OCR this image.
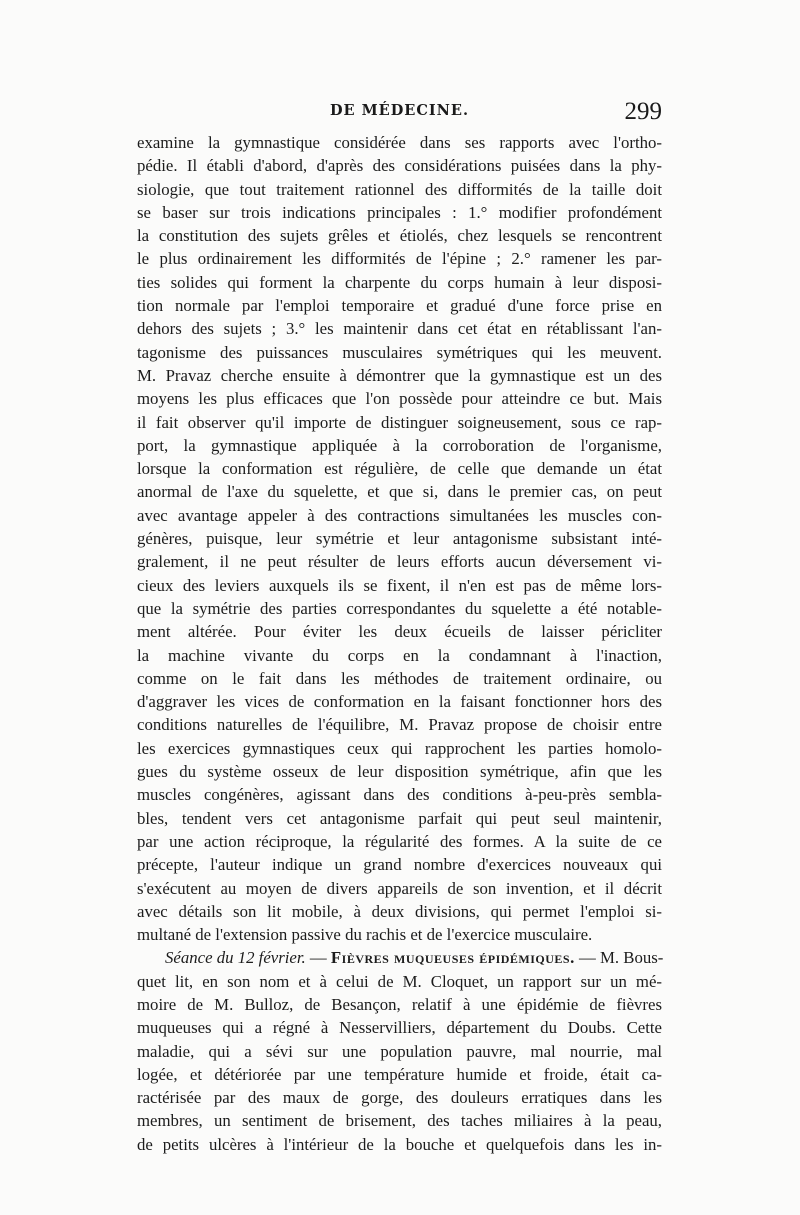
DE MÉDECINE.	299
examine la gymnastique considérée dans ses rapports avec l'ortho-
pédie. Il établi d'abord, d'après des considérations puisées dans la phy-
siologie, que tout traitement rationnel des difformités de la taille doit
se baser sur trois indications principales : 1.° modifier profondément
la constitution des sujets grêles et étiolés, chez lesquels se rencontrent
le plus ordinairement les difformités de l'épine ; 2.° ramener les par-
ties solides qui forment la charpente du corps humain à leur disposi-
tion normale par l'emploi temporaire et gradué d'une force prise en
dehors des sujets ; 3.° les maintenir dans cet état en rétablissant l'an-
tagonisme des puissances musculaires symétriques qui les meuvent.
M. Pravaz cherche ensuite à démontrer que la gymnastique est un des
moyens les plus efficaces que l'on possède pour atteindre ce but. Mais
il fait observer qu'il importe de distinguer soigneusement, sous ce rap-
port, la gymnastique appliquée à la corroboration de l'organisme,
lorsque la conformation est régulière, de celle que demande un état
anormal de l'axe du squelette, et que si, dans le premier cas, on peut
avec avantage appeler à des contractions simultanées les muscles con-
génères, puisque, leur symétrie et leur antagonisme subsistant inté-
gralement, il ne peut résulter de leurs efforts aucun déversement vi-
cieux des leviers auxquels ils se fixent, il n'en est pas de même lors-
que la symétrie des parties correspondantes du squelette a été notable-
ment altérée. Pour éviter les deux écueils de laisser péricliter
la machine vivante du corps en la condamnant à l'inaction,
comme on le fait dans les méthodes de traitement ordinaire, ou
d'aggraver les vices de conformation en la faisant fonctionner hors des
conditions naturelles de l'équilibre, M. Pravaz propose de choisir entre
les exercices gymnastiques ceux qui rapprochent les parties homolo-
gues du système osseux de leur disposition symétrique, afin que les
muscles congénères, agissant dans des conditions à-peu-près sembla-
bles, tendent vers cet antagonisme parfait qui peut seul maintenir,
par une action réciproque, la régularité des formes. A la suite de ce
précepte, l'auteur indique un grand nombre d'exercices nouveaux qui
s'exécutent au moyen de divers appareils de son invention, et il décrit
avec détails son lit mobile, à deux divisions, qui permet l'emploi si-
multané de l'extension passive du rachis et de l'exercice musculaire.
Séance du 12 février. — Fièvres muqueuses épidémiques. — M. Bous-
quet lit, en son nom et à celui de M. Cloquet, un rapport sur un mé-
moire de M. Bulloz, de Besançon, relatif à une épidémie de fièvres
muqueuses qui a régné à Nesservilliers, département du Doubs. Cette
maladie, qui a sévi sur une population pauvre, mal nourrie, mal
logée, et détériorée par une température humide et froide, était ca-
ractérisée par des maux de gorge, des douleurs erratiques dans les
membres, un sentiment de brisement, des taches miliaires à la peau,
de petits ulcères à l'intérieur de la bouche et quelquefois dans les in-
